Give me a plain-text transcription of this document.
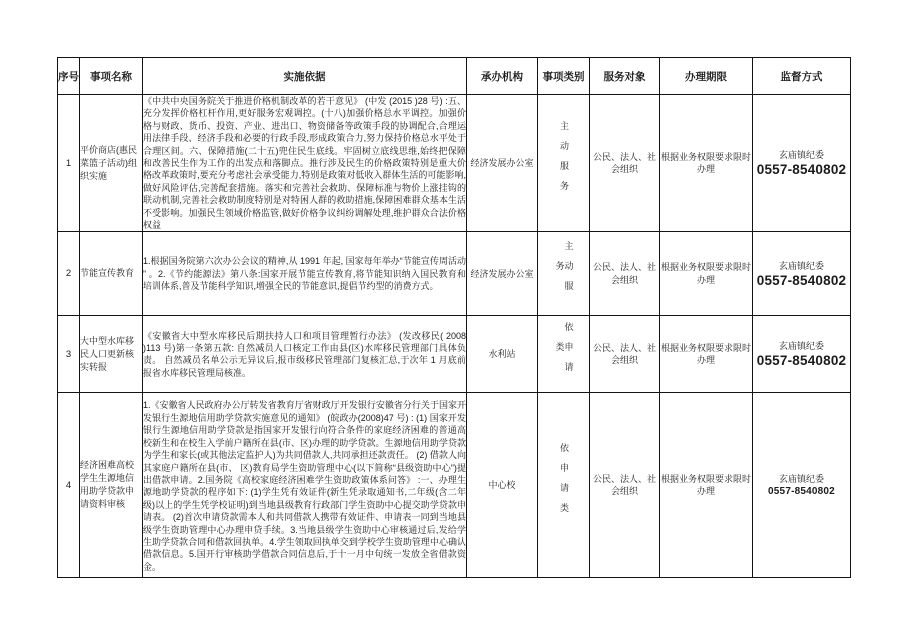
序号	事项名称	实施依据	承办机构	事项类别	服务对象	办理期限	监督方式
1	平价商店(惠民菜篮子活动)组织实施	《中共中央国务院关于推进价格机制改革的若干意见》 (中发 (2015 )28 号) :五、充分发挥价格杠杆作用,更好服务宏观调控。(十八)加强价格总水平调控。加强价格与财政、货币、投资、产业、进出口、物资储备等政策手段的协调配合,合理运用法律手段、经济手段和必要的行政手段,形成政策合力,努力保持价格总水平处于合理区间。六、保障措施(二十五)兜住民生底线。牢固树立底线思维,始终把保障和改善民生作为工作的出发点和落脚点。推行涉及民生的价格政策特别是重大价格改革政策时,要充分考虑社会承受能力,特别是政策对低收入群体生活的可能影响,做好风险评估,完善配套措施。落实和完善社会救助、保障标准与物价上涨挂钩的联动机制,完善社会救助制度特别是对特困人群的救助措施,保障困难群众基本生活不受影响。加强民生领域价格监管,做好价格争议纠纷调解处理,维护群众合法价格权益	经济发展办公室	主动服务	公民、法人、社会组织	根据业务权限要求限时办理	玄庙镇纪委
0557-8540802

2	节能宣传教育	1.根据国务院第六次办公会议的精神,从 1991 年起, 国家每年举办“节能宣传周活动 ” 。2.《节约能源法》第八条:国家开展节能宣传教育,将节能知识纳入国民教育和培训体系,普及节能科学知识,增强全民的节能意识,提倡节约型的消费方式。	经济发展办公室	主动服务	公民、法人、社会组织	根据业务权限要求限时办理	玄庙镇纪委
0557-8540802

3	大中型水库移民人口更新核实转报	《安徽省大中型水库移民后期扶持人口和项目管理暂行办法》 (发改移民( 2008 )113 号)第一条第五款: 自然减员人口核定工作由县(区)水库移民管理部门具体负责。 自然减员名单公示无异议后,报市级移民管理部门复核汇总,于次年 1 月底前报省水库移民管理局核准。	水利站	依申请类	公民、法人、社会组织	根据业务权限要求限时办理	玄庙镇纪委
0557-8540802

4	经济困难高校学生生源地信用助学贷款申请资料审核	1.《安徽省人民政府办公厅转发省教育厅省财政厅开发银行安徽省分行关于国家开发银行生源地信用助学贷款实施意见的通知》 (皖政办(2008)47 号) : (1) 国家开发银行生源地信用助学贷款是指国家开发银行向符合条件的家庭经济困难的普通高校新生和在校生入学前户籍所在县(市、区)办理的助学贷款。生源地信用助学贷款为学生和家长(或其他法定监护人)为共同借款人,共同承担还款责任。 (2) 借款人向其家庭户籍所在县(市、 区)教育局学生资助管理中心(以下简称“县级资助中心”)提出借款申请。2.国务院《高校家庭经济困难学生资助政策体系问答》 :一、办理生源地助学贷款的程序如下: (1)学生凭有效证件(新生凭录取通知书,二年级(含二年级)以上的学生凭学校证明)到当地县级教育行政部门学生资助中心提交助学贷款申请表。 (2)首次申请贷款需本人和共同借款人携带有效证件、申请表一同到当地县级学生资助管理中心办理申贷手续。3.当地县级学生资助中心审核通过后,发给学生助学贷款合同和借款回执单。4.学生领取回执单交到学校学生资助管理中心确认借款信息。5.国开行审核助学借款合同信息后,于十一月中旬统一发放全省借款资金。	中心校	依申请类	公民、法人、社会组织	根据业务权限要求限时办理	玄庙镇纪委
0557-8540802
